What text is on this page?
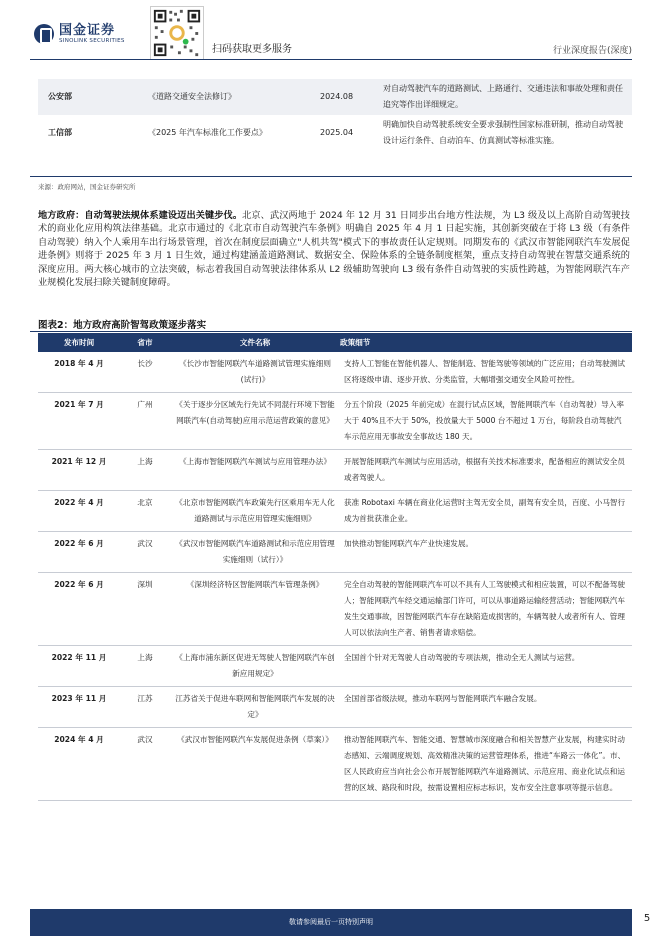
国金证券
SINOLINK SECURITIES
扫码获取更多服务	行业深度报告(深度)
公安部	《道路交通安全法修订》	2024.08	对自动驾驶汽车的道路测试、上路通行、交通违法和事故处理和责任追究等作出详细规定。
工信部	《2025 年汽车标准化工作要点》	2025.04	明确加快自动驾驶系统安全要求强制性国家标准研制，推动自动驾驶设计运行条件、自动泊车、仿真测试等标准实施。
来源：政府网站，国金证券研究所
地方政府：自动驾驶法规体系建设迈出关键步伐。北京、武汉两地于 2024 年 12 月 31 日同步出台地方性法规，为 L3 级及以上高阶自动驾驶技术的商业化应用构筑法律基础。北京市通过的《北京市自动驾驶汽车条例》明确自 2025 年 4 月 1 日起实施，其创新突破在于将 L3 级（有条件自动驾驶）纳入个人乘用车出行场景管理，首次在制度层面确立"人机共驾"模式下的事故责任认定规则。同期发布的《武汉市智能网联汽车发展促进条例》则将于 2025 年 3 月 1 日生效，通过构建涵盖道路测试、数据安全、保险体系的全链条制度框架，重点支持自动驾驶在智慧交通系统的深度应用。两大核心城市的立法突破，标志着我国自动驾驶法律体系从 L2 级辅助驾驶向 L3 级有条件自动驾驶的实质性跨越，为智能网联汽车产业规模化发展扫除关键制度障碍。
图表2：地方政府高阶智驾政策逐步落实
发布时间	省市	文件名称	政策细节
2018 年 4 月	长沙	《长沙市智能网联汽车道路测试管理实施细则(试行)》	支持人工智能在智能机器人、智能制造、智能驾驶等领域的广泛应用；自动驾驶测试区将逐级申请、逐步开放、分类监管，大幅增强交通安全风险可控性。
2021 年 7 月	广州	《关于逐步分区域先行先试不同混行环境下智能网联汽车(自动驾驶)应用示范运营政策的意见》	分五个阶段（2025 年前完成）在混行试点区域，智能网联汽车（自动驾驶）导入率大于 40%且不大于 50%，投放量大于 5000 台不超过 1 万台，每阶段自动驾驶汽车示范应用无事故安全事故达 180 天。
2021 年 12 月	上海	《上海市智能网联汽车测试与应用管理办法》	开展智能网联汽车测试与应用活动，根据有关技术标准要求，配备相应的测试安全员或者驾驶人。
2022 年 4 月	北京	《北京市智能网联汽车政策先行区乘用车无人化道路测试与示范应用管理实施细则》	获准 Robotaxi 车辆在商业化运营时主驾无安全员，副驾有安全员，百度、小马智行成为首批获准企业。
2022 年 6 月	武汉	《武汉市智能网联汽车道路测试和示范应用管理实施细则（试行）》	加快推动智能网联汽车产业快速发展。
2022 年 6 月	深圳	《深圳经济特区智能网联汽车管理条例》	完全自动驾驶的智能网联汽车可以不具有人工驾驶模式和相应装置，可以不配备驾驶人；智能网联汽车经交通运输部门许可，可以从事道路运输经营活动；智能网联汽车发生交通事故，因智能网联汽车存在缺陷造成损害的，车辆驾驶人或者所有人、管理人可以依法向生产者、销售者请求赔偿。
2022 年 11 月	上海	《上海市浦东新区促进无驾驶人智能网联汽车创新应用规定》	全国首个针对无驾驶人自动驾驶的专项法规，推动全无人测试与运营。
2023 年 11 月	江苏	江苏省关于促进车联网和智能网联汽车发展的决定》	全国首部省级法规，推动车联网与智能网联汽车融合发展。
2024 年 4 月	武汉	《武汉市智能网联汽车发展促进条例（草案）》	推动智能网联汽车、智能交通、智慧城市深度融合和相关智慧产业发展，构建实时动态感知、云端调度规划、高效精准决策的运营管理体系，推进“车路云一体化”。市、区人民政府应当向社会公布开展智能网联汽车道路测试、示范应用、商业化试点和运营的区域、路段和时段，按需设置相应标志标识，发布安全注意事项等提示信息。
敬请参阅最后一页特别声明	5
